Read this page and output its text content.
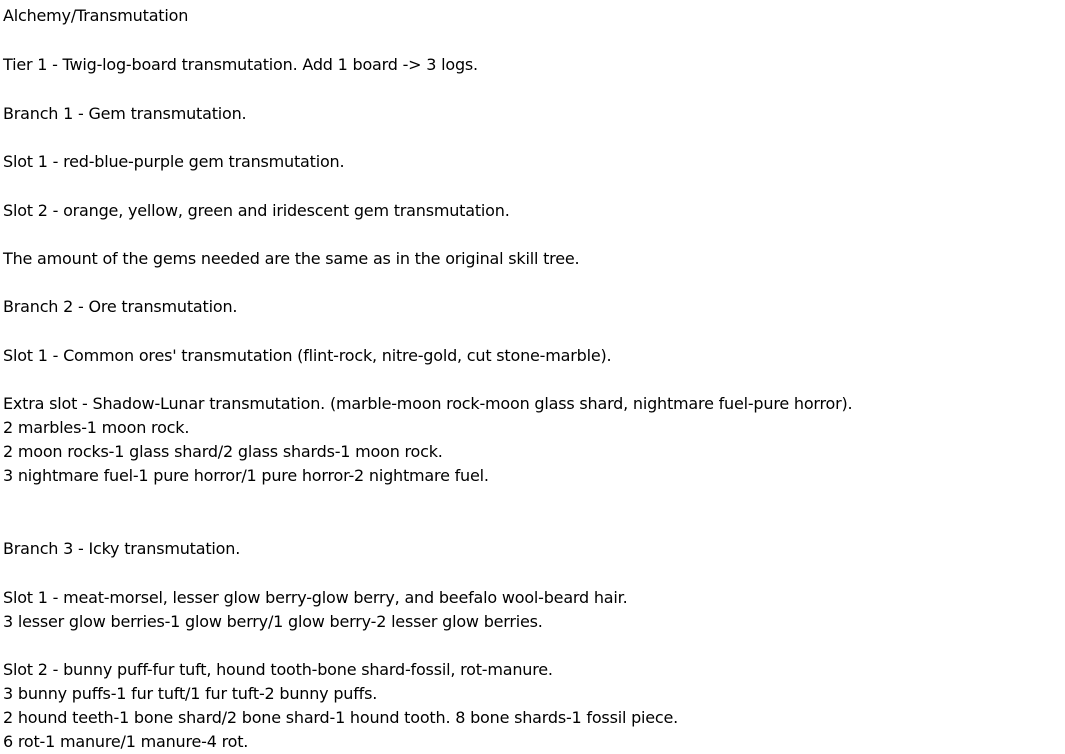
Alchemy/Transmutation
Tier 1 - Twig-log-board transmutation. Add 1 board -> 3 logs.
Branch 1 - Gem transmutation.
Slot 1 - red-blue-purple gem transmutation.
Slot 2 - orange, yellow, green and iridescent gem transmutation.
The amount of the gems needed are the same as in the original skill tree.
Branch 2 - Ore transmutation.
Slot 1 - Common ores' transmutation (flint-rock, nitre-gold, cut stone-marble).
Extra slot - Shadow-Lunar transmutation. (marble-moon rock-moon glass shard, nightmare fuel-pure horror).
2 marbles-1 moon rock.
2 moon rocks-1 glass shard/2 glass shards-1 moon rock.
3 nightmare fuel-1 pure horror/1 pure horror-2 nightmare fuel.
Branch 3 - Icky transmutation.
Slot 1 - meat-morsel, lesser glow berry-glow berry, and beefalo wool-beard hair.
3 lesser glow berries-1 glow berry/1 glow berry-2 lesser glow berries.
Slot 2 - bunny puff-fur tuft, hound tooth-bone shard-fossil, rot-manure.
3 bunny puffs-1 fur tuft/1 fur tuft-2 bunny puffs.
2 hound teeth-1 bone shard/2 bone shard-1 hound tooth. 8 bone shards-1 fossil piece.
6 rot-1 manure/1 manure-4 rot.
